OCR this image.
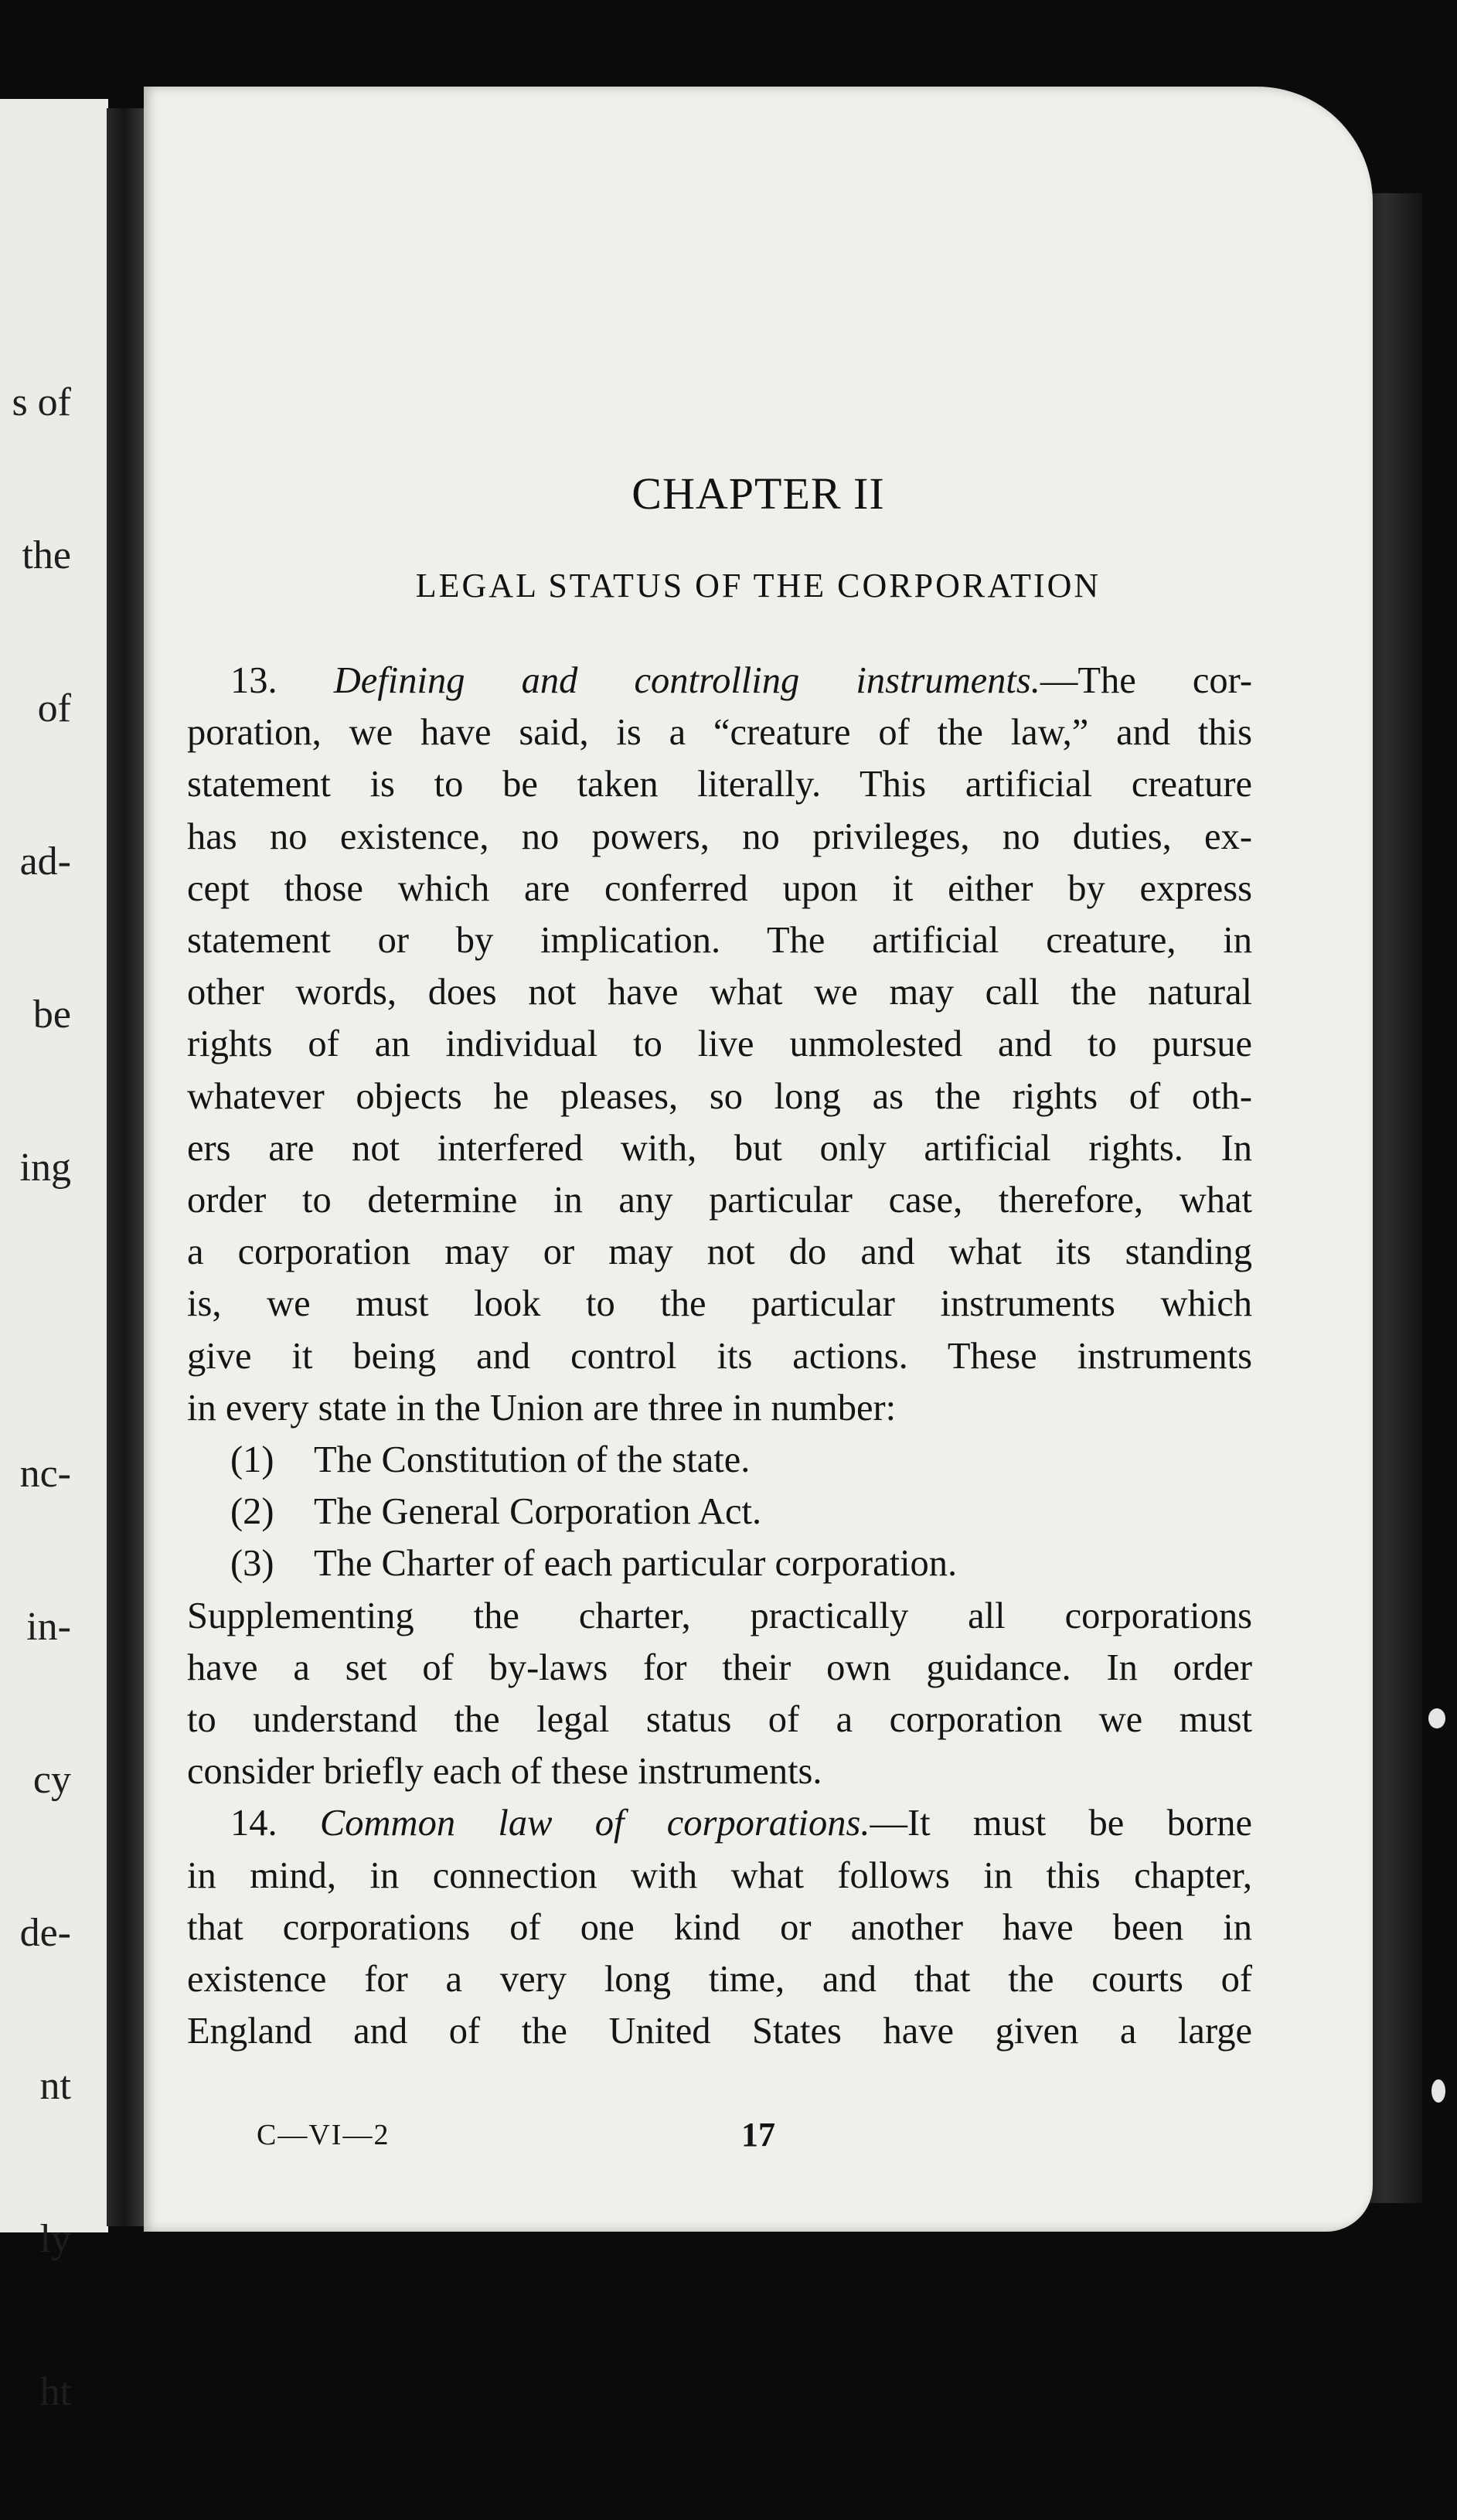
s of

the

of

ad-

be

ing

nc-

in-

cy

de-

nt

ly

ht

CHAPTER II
LEGAL STATUS OF THE CORPORATION
13. Defining and controlling instruments.—The cor-
poration, we have said, is a “creature of the law,” and this
statement is to be taken literally. This artificial creature
has no existence, no powers, no privileges, no duties, ex-
cept those which are conferred upon it either by express
statement or by implication. The artificial creature, in
other words, does not have what we may call the natural
rights of an individual to live unmolested and to pursue
whatever objects he pleases, so long as the rights of oth-
ers are not interfered with, but only artificial rights. In
order to determine in any particular case, therefore, what
a corporation may or may not do and what its standing
is, we must look to the particular instruments which
give it being and control its actions. These instruments
in every state in the Union are three in number:
(1) The Constitution of the state.
(2) The General Corporation Act.
(3) The Charter of each particular corporation.
Supplementing the charter, practically all corporations
have a set of by-laws for their own guidance. In order
to understand the legal status of a corporation we must
consider briefly each of these instruments.
14. Common law of corporations.—It must be borne
in mind, in connection with what follows in this chapter,
that corporations of one kind or another have been in
existence for a very long time, and that the courts of
England and of the United States have given a large
C—VI—2	17
